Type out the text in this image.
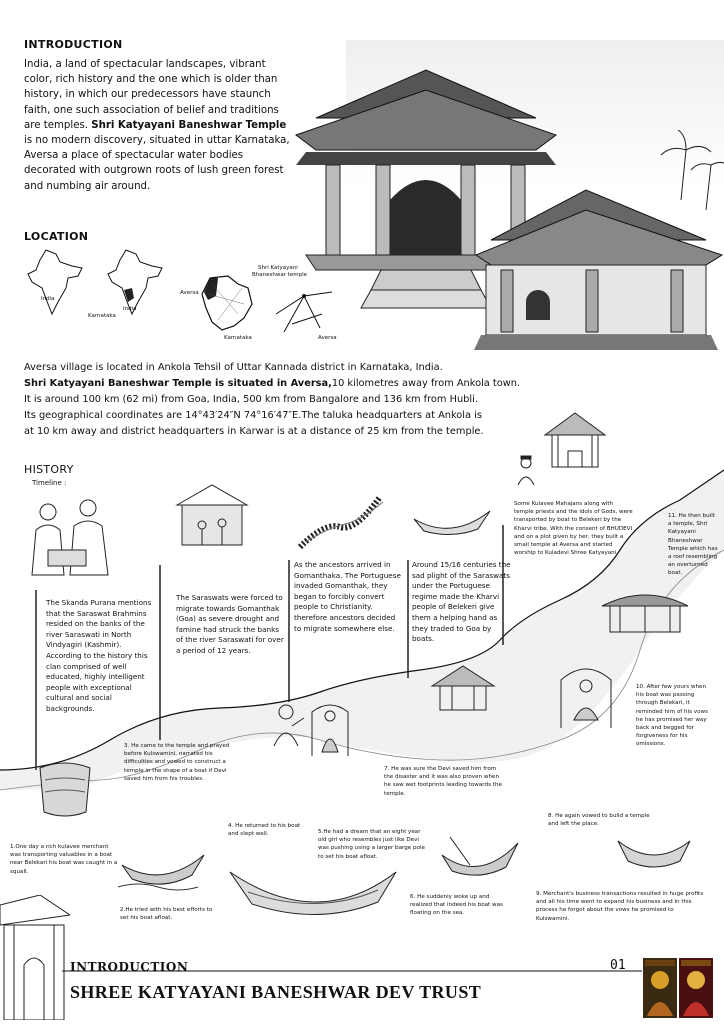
INTRODUCTION
India, a land of spectacular landscapes, vibrant color, rich history and the one which is older than history, in which our predecessors have staunch faith, one such association of belief and traditions are temples. Shri Katyayani Baneshwar Temple is no modern discovery, situated in uttar Karnataka, Aversa a place of spectacular water bodies decorated with outgrown roots of lush green forest and numbing air around.
LOCATION
India
India
Karnataka
Aversa
Karnataka
Shri Katyayani
Bhaneshwar temple
Aversa
Aversa village is located in Ankola Tehsil of Uttar Kannada district in Karnataka, India.
Shri Katyayani Baneshwar Temple is situated in Aversa,10 kilometres away from Ankola town.
It is around 100 km (62 mi) from Goa, India, 500 km from Bangalore and 136 km from Hubli.
Its geographical coordinates are 14°43′24″N 74°16′47″E.The taluka headquarters at Ankola is
at 10 km away and district headquarters in Karwar is at a distance of 25 km from the temple.
HISTORY
Timeline :
The Skanda Purana mentions that the Saraswat Brahmins resided on the banks of the river Saraswati in North Vindyagiri (Kashmir). According to the history this clan comprised of well educated, highly intelligent people with exceptional cultural and social backgrounds.
The Saraswats were forced to migrate towards Gomanthak (Goa) as severe drought and famine had struck the banks of the river Saraswati for over a period of 12 years.
As the ancestors arrived in Gomanthaka. The Portuguese invaded Gomanthak, they began to forcibly convert people to Christianity. therefore ancestors decided to migrate somewhere else.
Around 15/16 centuries the sad plight of the Saraswats under the Portuguese regime made the Kharvi people of Belekeri give them a helping hand as they traded to Goa by boats.
Some Kulavee Mahajans along with temple priests and the idols of Gods, were transported by boat to Belekeri by the Kharvi tribe. With the consent of BHUDEVI and on a plot given by her, they built a small temple at Aversa and started worship to Kuladevi Shree Katyayani.
1.One day a rich kulavee merchant was transporting valuables in a boat near Belekari his boat was caught in a squall.
2.He tried with his best efforts to set his boat afloat.
3. He came to the temple and prayed before Kulswamini, narrated his difficulties and vowed to construct a temple in the shape of a boat if Devi saved him from his troubles.
4. He returned to his boat and slept well.	5.He had a dream that an eight year old girl who resembles just like Devi was pushing using a larger barge pole to set his boat afloat.
6. He suddenly woke up and realized that indeed his boat was floating on the sea.
7. He was sure the Devi saved him from the disaster and it was also proven when he saw wet footprints leading towards the temple.
8. He again vowed to build a temple and left the place.
9. Merchant's business transactions resulted in huge profits and all his time went to expand his business and in this process he forgot about the vows he promised to Kulswamini.
10. After few yours when his boat was passing through Belekari, it reminded him of his vows he has promised her way back and begged for forgiveness for his omissions.
11. He then built a temple, Shri Katyayani Bhaneshwar Temple which has a roof resembling an overturned boat.
INTRODUCTION
SHREE KATYAYANI BANESHWAR DEV TRUST
01
